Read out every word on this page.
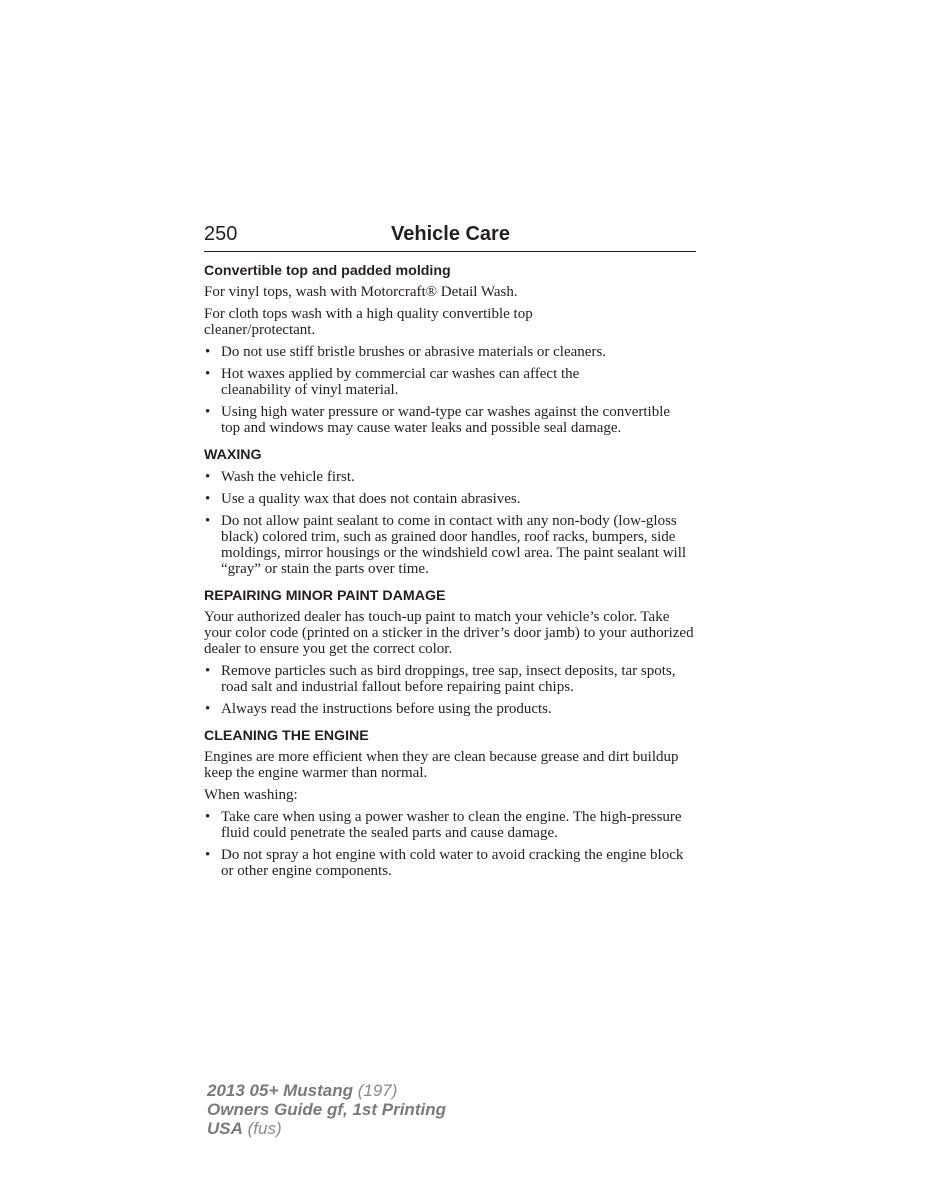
250	Vehicle Care
Convertible top and padded molding

For vinyl tops, wash with Motorcraft® Detail Wash.

For cloth tops wash with a high quality convertible top cleaner/protectant.

• Do not use stiff bristle brushes or abrasive materials or cleaners.
• Hot waxes applied by commercial car washes can affect the cleanability of vinyl material.
• Using high water pressure or wand-type car washes against the convertible top and windows may cause water leaks and possible seal damage.
WAXING
• Wash the vehicle first.
• Use a quality wax that does not contain abrasives.
• Do not allow paint sealant to come in contact with any non-body (low-gloss black) colored trim, such as grained door handles, roof racks, bumpers, side moldings, mirror housings or the windshield cowl area. The paint sealant will “gray” or stain the parts over time.
REPAIRING MINOR PAINT DAMAGE

Your authorized dealer has touch-up paint to match your vehicle’s color. Take your color code (printed on a sticker in the driver’s door jamb) to your authorized dealer to ensure you get the correct color.

• Remove particles such as bird droppings, tree sap, insect deposits, tar spots, road salt and industrial fallout before repairing paint chips.
• Always read the instructions before using the products.
CLEANING THE ENGINE

Engines are more efficient when they are clean because grease and dirt buildup keep the engine warmer than normal.

When washing:

• Take care when using a power washer to clean the engine. The high-pressure fluid could penetrate the sealed parts and cause damage.
• Do not spray a hot engine with cold water to avoid cracking the engine block or other engine components.
2013 05+ Mustang (197)
Owners Guide gf, 1st Printing
USA (fus)
